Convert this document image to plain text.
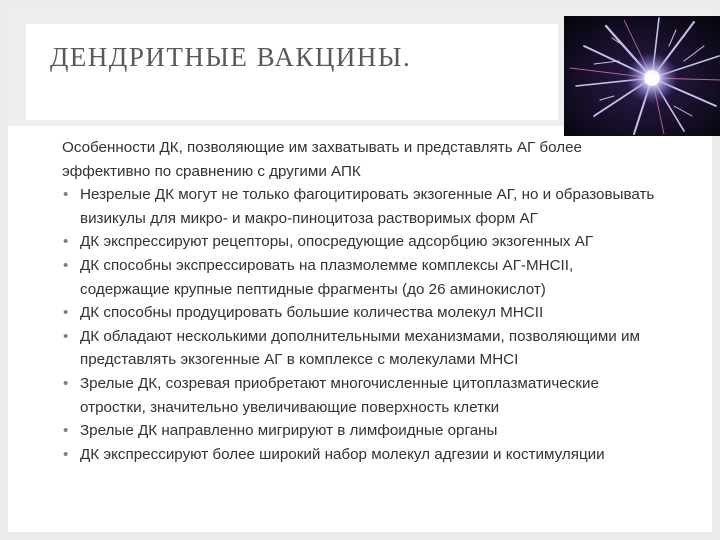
ДЕНДРИТНЫЕ ВАКЦИНЫ.

Особенности ДК, позволяющие им захватывать и представлять АГ более эффективно по сравнению с другими АПК

• Незрелые ДК могут не только фагоцитировать экзогенные АГ, но и образовывать визикулы для микро- и макро-пиноцитоза растворимых форм АГ
• ДК экспрессируют рецепторы, опосредующие адсорбцию экзогенных АГ
• ДК способны экспрессировать на плазмолемме комплексы АГ-MHCII, содержащие крупные пептидные фрагменты (до 26 аминокислот)
• ДК способны продуцировать большие количества молекул MHCII
• ДК обладают несколькими дополнительными механизмами, позволяющими им представлять экзогенные АГ в комплексе с молекулами MHCI
• Зрелые ДК, созревая приобретают многочисленные цитоплазматические отростки, значительно увеличивающие поверхность клетки
• Зрелые ДК направленно мигрируют в лимфоидные органы
• ДК экспрессируют более широкий набор молекул адгезии и костимуляции
